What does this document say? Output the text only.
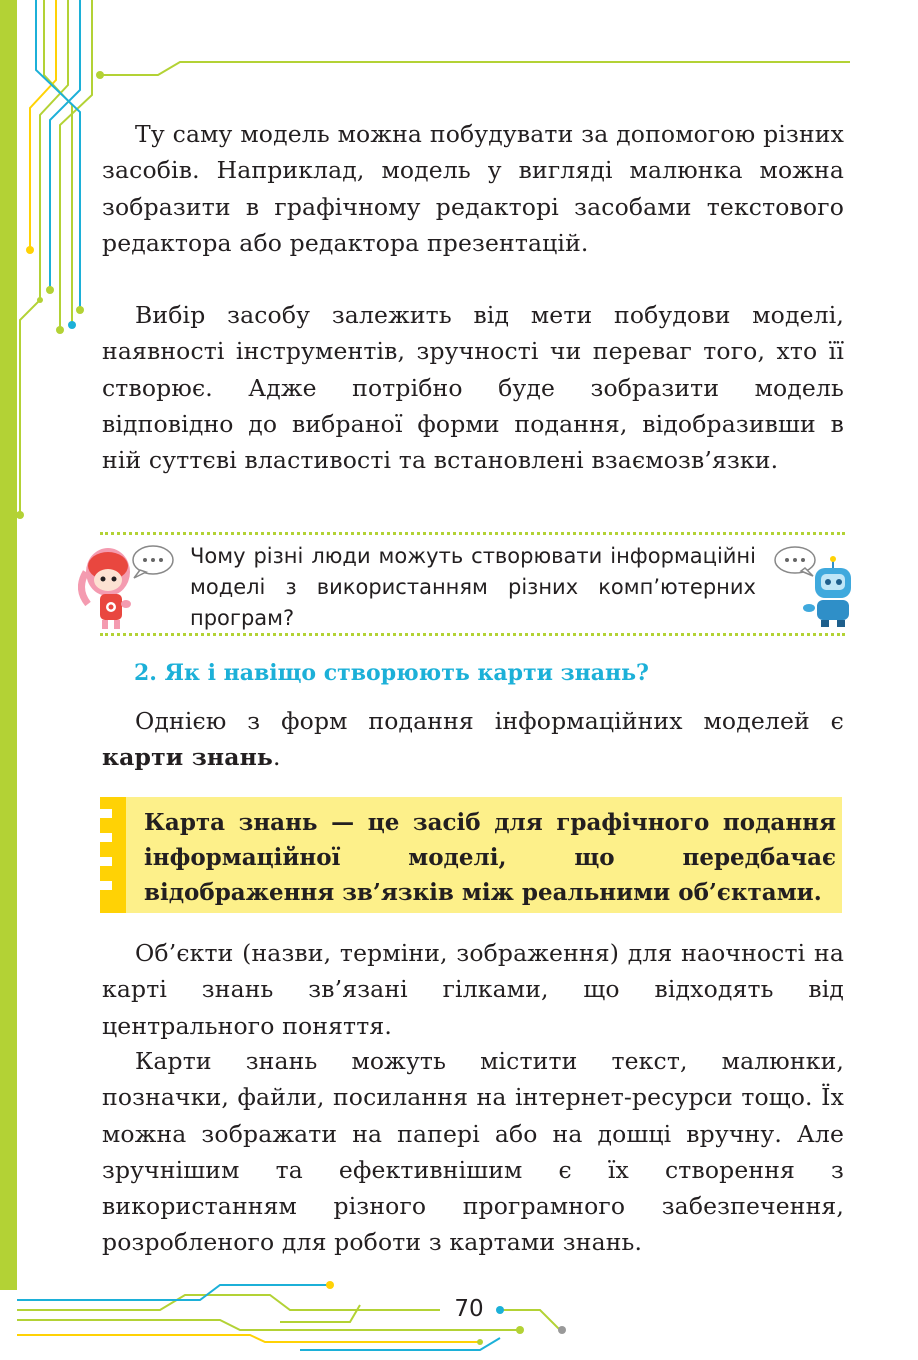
Ту саму модель можна побудувати за допомогою різних засобів. Наприклад, модель у вигляді малюнка можна зобразити в графічному редакторі засобами текстового редактора або редактора презентацій.

Вибір засобу залежить від мети побудови моделі, наявності інструментів, зручності чи переваг того, хто її створює. Адже потрібно буде зобразити модель відповідно до вибраної форми подання, відобразивши в ній суттєві властивості та встановлені взаємозв’язки.

Чому різні люди можуть створювати інформаційні моделі з використанням різних комп’ютерних програм?

2. Як і навіщо створюють карти знань?

Однією з форм подання інформаційних моделей є карти знань.

Карта знань — це засіб для графічного подання інформаційної моделі, що передбачає відображення зв’язків між реальними об’єктами.

Об’єкти (назви, терміни, зображення) для наочності на карті знань зв’язані гілками, що відходять від центрального поняття.

Карти знань можуть містити текст, малюнки, позначки, файли, посилання на інтернет-ресурси тощо. Їх можна зображати на папері або на дошці вручну. Але зручнішим та ефективнішим є їх створення з використанням різного програмного забезпечення, розробленого для роботи з картами знань.

70
